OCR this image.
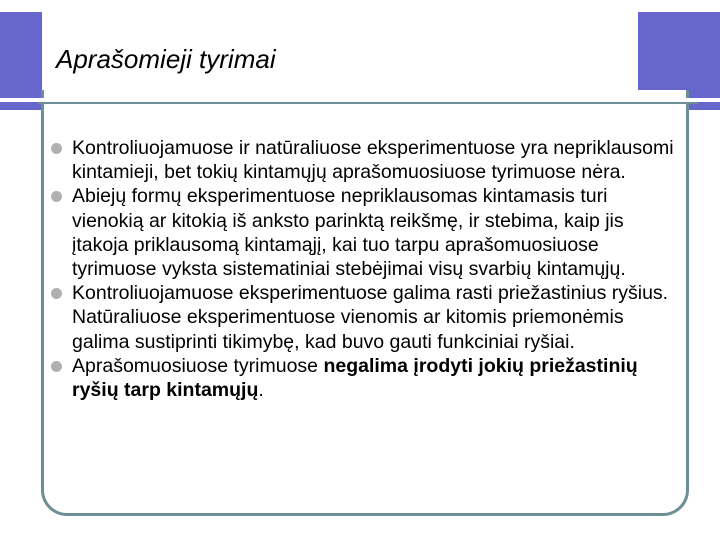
Aprašomieji tyrimai
Kontroliuojamuose ir natūraliuose eksperimentuose yra nepriklausomi kintamieji, bet tokių kintamųjų aprašomuosiuose tyrimuose nėra.
Abiejų formų eksperimentuose nepriklausomas kintamasis turi vienokią ar kitokią iš anksto parinktą reikšmę, ir stebima, kaip jis įtakoja priklausomą kintamąjį, kai tuo tarpu aprašomuosiuose tyrimuose vyksta sistematiniai stebėjimai visų svarbių kintamųjų.
Kontroliuojamuose eksperimentuose galima rasti priežastinius ryšius. Natūraliuose eksperimentuose vienomis ar kitomis priemonėmis galima sustiprinti tikimybę, kad buvo gauti funkciniai ryšiai.
Aprašomuosiuose tyrimuose negalima įrodyti jokių priežastinių ryšių tarp kintamųjų.
